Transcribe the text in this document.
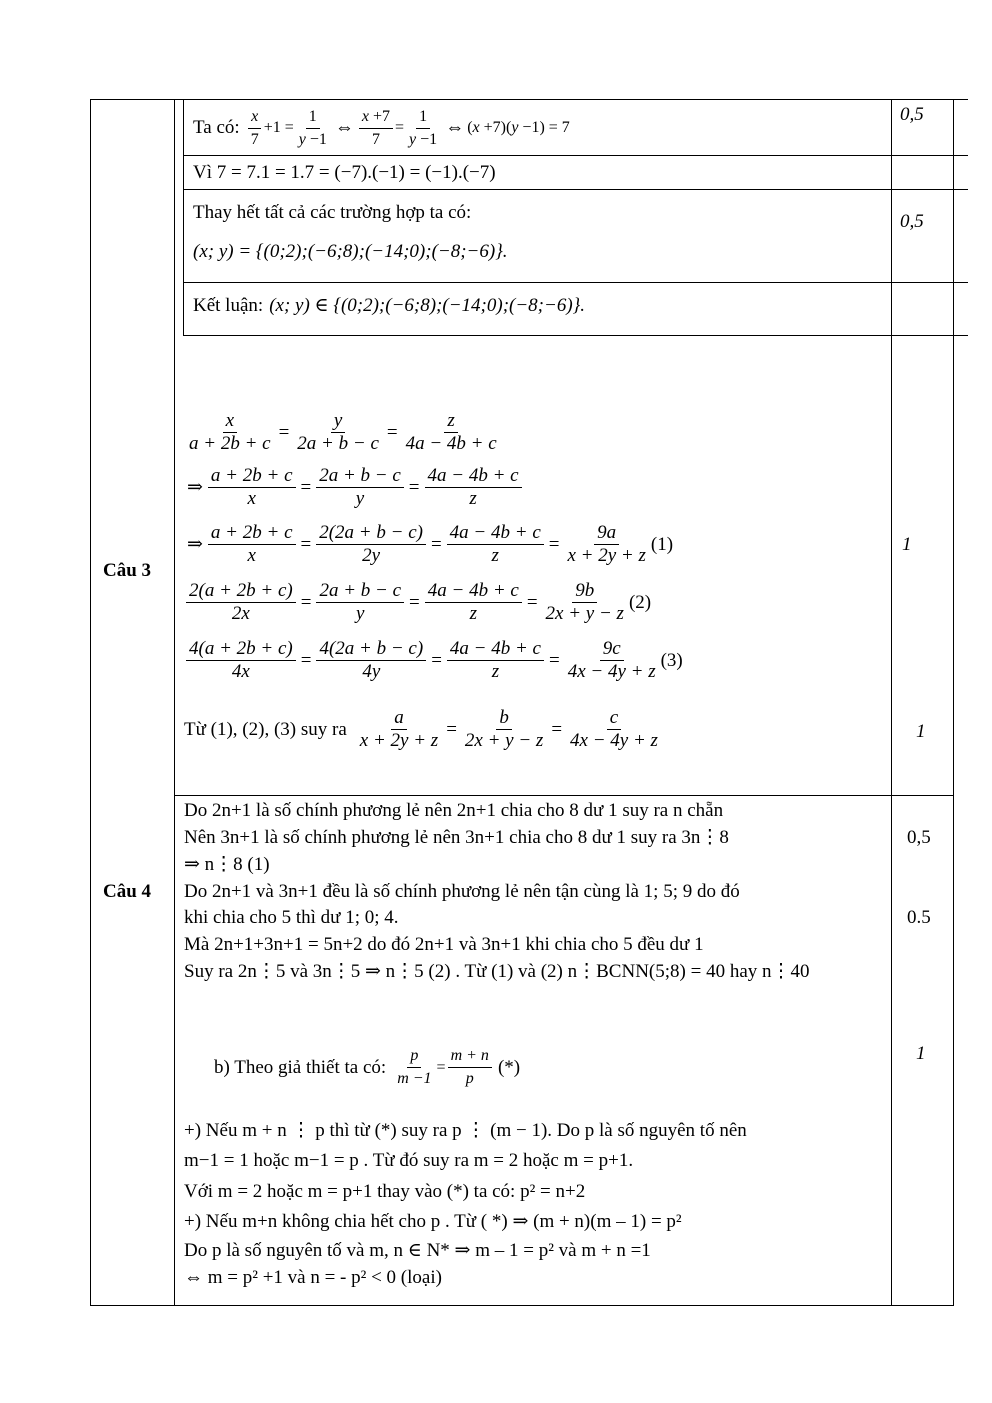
Ta có: $\frac{x}{7} +1 = \frac{1}{y -1}$ ⇔ $\frac{x +7}{7} = \frac{1}{y -1}$ ⇔ (x +7)(y −1) = 7
0,5
Vì 7 = 7.1 = 1.7 = (−7).(−1) = (−1).(−7)
Thay hết tất cả các trường hợp ta có:
(x; y) = {(0;2);(−6;8);(−14;0);(−8;−6)}.
0,5
Kết luận: (x; y) ∈ {(0;2);(−6;8);(−14;0);(−8;−6)}.
Câu 3
$\frac{x}{a + 2b + c} = \frac{y}{2a + b - c} = \frac{z}{4a - 4b + c}$
⇒ $\frac{a + 2b + c}{x} = \frac{2a + b - c}{y} = \frac{4a - 4b + c}{z}$
⇒ $\frac{a + 2b + c}{x} = \frac{2(2a + b - c)}{2y} = \frac{4a - 4b + c}{z} = \frac{9a}{x + 2y + z} (1)$
$\frac{2(a + 2b + c)}{2x} = \frac{2a + b - c}{y} = \frac{4a - 4b + c}{z} = \frac{9b}{2x + y - z} (2)$
$\frac{4(a + 2b + c)}{4x} = \frac{4(2a + b - c)}{4y} = \frac{4a - 4b + c}{z} = \frac{9c}{4x - 4y + z} (3)$
Từ (1), (2), (3) suy ra $\frac{a}{x + 2y + z} = \frac{b}{2x + y - z} = \frac{c}{4x - 4y + z}$
1
1
Câu 4
Do 2n+1 là số chính phương lẻ nên 2n+1 chia cho 8 dư 1 suy ra n chẵn
Nên 3n+1 là số chính phương lẻ nên 3n+1 chia cho 8 dư 1 suy ra 3n⋮8
⇒ n⋮8 (1)
Do 2n+1 và 3n+1 đều là số chính phương lẻ nên tận cùng là 1; 5; 9 do đó
khi chia cho 5 thì dư 1; 0; 4.
Mà 2n+1+3n+1 = 5n+2 do đó 2n+1 và 3n+1 khi chia cho 5 đều dư 1
Suy ra 2n⋮5 và 3n⋮5 ⇒ n⋮5 (2) . Từ (1) và (2) n⋮BCNN(5;8) = 40 hay n⋮40
0,5
0.5
1
b) Theo giả thiết ta có: $\frac{p}{m -1} = \frac{m + n}{p}$ (*)
+) Nếu m + n ⋮ p thì từ (*) suy ra p ⋮ (m − 1). Do p là số nguyên tố nên
m−1 = 1 hoặc m−1 = p . Từ đó suy ra m = 2 hoặc m = p+1.
Với m = 2 hoặc m = p+1 thay vào (*) ta có: p² = n+2
+) Nếu m+n không chia hết cho p . Từ ( *) ⇒ (m + n)(m – 1) = p²
Do p là số nguyên tố và m, n ∈ N* ⇒ m – 1 = p² và m + n =1
⇔ m = p² +1 và n = - p² < 0 (loại)
